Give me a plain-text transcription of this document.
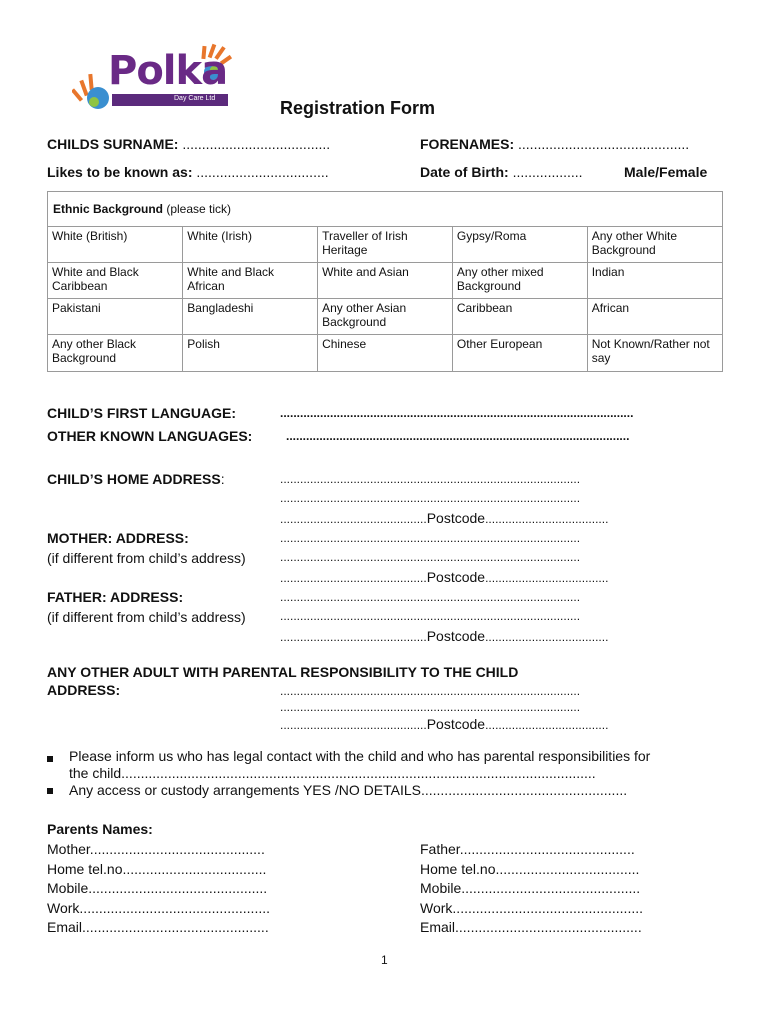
Polka
Day Care Ltd	Registration Form
CHILDS SURNAME: ......................................	FORENAMES: ............................................
Likes to be known as: ..................................	Date of Birth: ..................	Male/Female
Ethnic Background (please tick)
White (British)	White (Irish)	Traveller of Irish Heritage	Gypsy/Roma	Any other White Background
White and Black Caribbean	White and Black African	White and Asian	Any other mixed Background	Indian
Pakistani	Bangladeshi	Any other Asian Background	Caribbean	African
Any other Black Background	Polish	Chinese	Other European	Not Known/Rather not say
CHILD’S FIRST LANGUAGE:	..........................................................................................................
OTHER KNOWN LANGUAGES:	.......................................................................................................
CHILD’S HOME ADDRESS:	..........................................................................................
..........................................................................................
............................................Postcode.....................................
MOTHER: ADDRESS:
(if different from child’s address)
..........................................................................................
..........................................................................................
............................................Postcode.....................................
FATHER: ADDRESS:
(if different from child’s address)
..........................................................................................
..........................................................................................
............................................Postcode.....................................
ANY OTHER ADULT WITH PARENTAL RESPONSIBILITY TO THE CHILD
ADDRESS:	..........................................................................................
..........................................................................................
............................................Postcode.....................................
Please inform us who has legal contact with the child and who has parental responsibilities for
the child..........................................................................................................................
Any access or custody arrangements YES /NO DETAILS.....................................................
Parents Names:
Mother.............................................
Home tel.no.....................................
Mobile..............................................
Work.................................................
Email................................................
Father.............................................
Home tel.no.....................................
Mobile..............................................
Work.................................................
Email................................................
1
